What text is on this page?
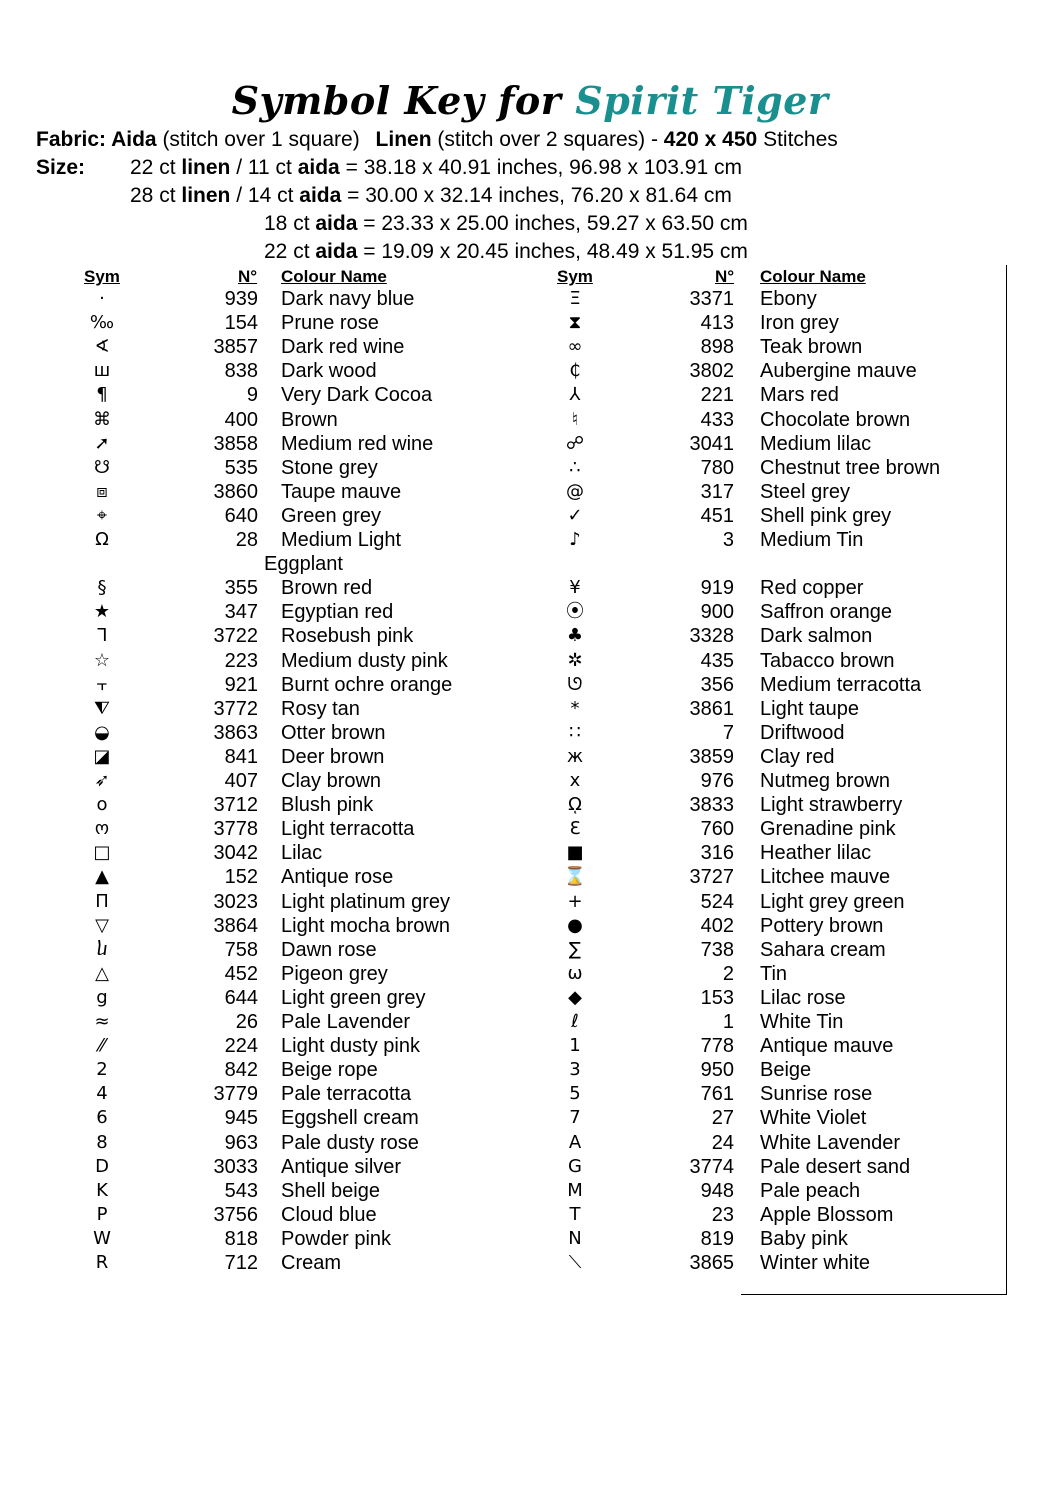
Symbol Key for Spirit Tiger
Fabric: Aida (stitch over 1 square) Linen (stitch over 2 squares) - 420 x 450 Stitches
Size: 22 ct linen / 11 ct aida = 38.18 x 40.91 inches, 96.98 x 103.91 cm
28 ct linen / 14 ct aida = 30.00 x 32.14 inches, 76.20 x 81.64 cm
18 ct aida = 23.33 x 25.00 inches, 59.27 x 63.50 cm
22 ct aida = 19.09 x 20.45 inches, 48.49 x 51.95 cm
Sym	N° Colour Name	Sym	N° Colour Name
·	939 Dark navy blue
‰	154 Prune rose
∢	3857 Dark red wine
ш	838 Dark wood
¶	9 Very Dark Cocoa
⌘	400 Brown
➚	3858 Medium red wine
☋	535 Stone grey
⧈	3860 Taupe mauve
⌖	640 Green grey
Ω	28 Medium Light
Eggplant
§	355 Brown red
★	347 Egyptian red
ᒣ	3722 Rosebush pink
☆	223 Medium dusty pink
⫟	921 Burnt ochre orange
⧨	3772 Rosy tan
◒	3863 Otter brown
◪	841 Deer brown
➶	407 Clay brown
o	3712 Blush pink
ო	3778 Light terracotta
□	3042 Lilac
▲	152 Antique rose
Π	3023 Light platinum grey
▽	3864 Light mocha brown
ⴑ	758 Dawn rose
△	452 Pigeon grey
g	644 Light green grey
≈	26 Pale Lavender
⁄⁄	224 Light dusty pink
2	842 Beige rope
4	3779 Pale terracotta
6	945 Eggshell cream
8	963 Pale dusty rose
D	3033 Antique silver
K	543 Shell beige
P	3756 Cloud blue
W	818 Powder pink
R	712 Cream
Ξ	3371 Ebony
⧗	413 Iron grey
∞	898 Teak brown
₵	3802 Aubergine mauve
⅄	221 Mars red
♮	433 Chocolate brown
☍	3041 Medium lilac
∴	780 Chestnut tree brown
@	317 Steel grey
✓	451 Shell pink grey
♪	3 Medium Tin
¥	919 Red copper
⦿	900 Saffron orange
♣	3328 Dark salmon
✲	435 Tabacco brown
ᘎ	356 Medium terracotta
*	3861 Light taupe
∷	7 Driftwood
ж	3859 Clay red
x	976 Nutmeg brown
ῼ	3833 Light strawberry
Ɛ	760 Grenadine pink
■	316 Heather lilac
⌛	3727 Litchee mauve
+	524 Light grey green
●	402 Pottery brown
∑	738 Sahara cream
ω	2 Tin
◆	153 Lilac rose
ℓ	1 White Tin
1	778 Antique mauve
3	950 Beige
5	761 Sunrise rose
7	27 White Violet
A	24 White Lavender
G	3774 Pale desert sand
M	948 Pale peach
T	23 Apple Blossom
N	819 Baby pink
⟍	3865 Winter white
